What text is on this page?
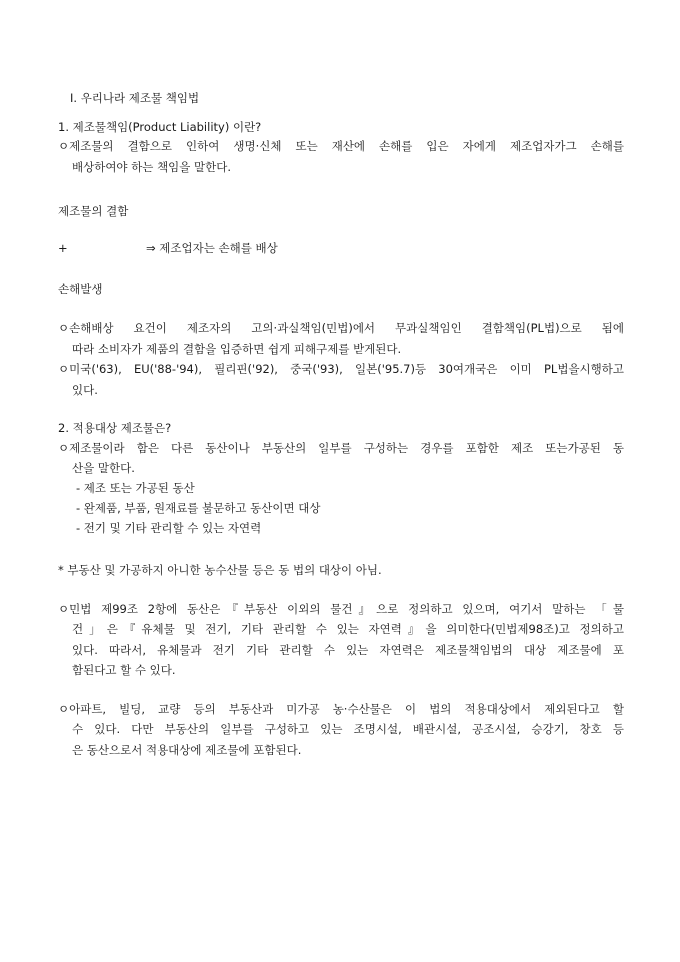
Ⅰ. 우리나라 제조물 책임법
1. 제조물책임(Product Liability) 이란?
ㅇ제조물의 결함으로 인하여 생명·신체 또는 재산에 손해를 입은 자에게 제조업자가그 손해를
배상하여야 하는 책임을 말한다.
제조물의 결함
+	⇒ 제조업자는 손해를 배상
손해발생
ㅇ손해배상 요건이 제조자의 고의·과실책임(민법)에서 무과실책임인 결함책임(PL법)으로 됨에
따라 소비자가 제품의 결함을 입증하면 쉽게 피해구제를 받게된다.
ㅇ미국('63), EU('88-'94), 필리핀('92), 중국('93), 일본('95.7)등 30여개국은 이미 PL법을시행하고
있다.
2. 적용대상 제조물은?
ㅇ제조물이라 함은 다른 동산이나 부동산의 일부를 구성하는 경우를 포함한 제조 또는가공된 동
산을 말한다.
- 제조 또는 가공된 동산
- 완제품, 부품, 원재료를 불문하고 동산이면 대상
- 전기 및 기타 관리할 수 있는 자연력
* 부동산 및 가공하지 아니한 농수산물 등은 동 법의 대상이 아님.
ㅇ민법 제99조 2항에 동산은『부동산 이외의 물건』으로 정의하고 있으며, 여기서 말하는 「물
건」은『유체물 및 전기, 기타 관리할 수 있는 자연력』을 의미한다(민법제98조)고 정의하고
있다. 따라서, 유체물과 전기 기타 관리할 수 있는 자연력은 제조물책임법의 대상 제조물에 포
함된다고 할 수 있다.
ㅇ아파트, 빌딩, 교량 등의 부동산과 미가공 농·수산물은 이 법의 적용대상에서 제외된다고 할
수 있다. 다만 부동산의 일부를 구성하고 있는 조명시설, 배관시설, 공조시설, 승강기, 창호 등
은 동산으로서 적용대상에 제조물에 포함된다.
